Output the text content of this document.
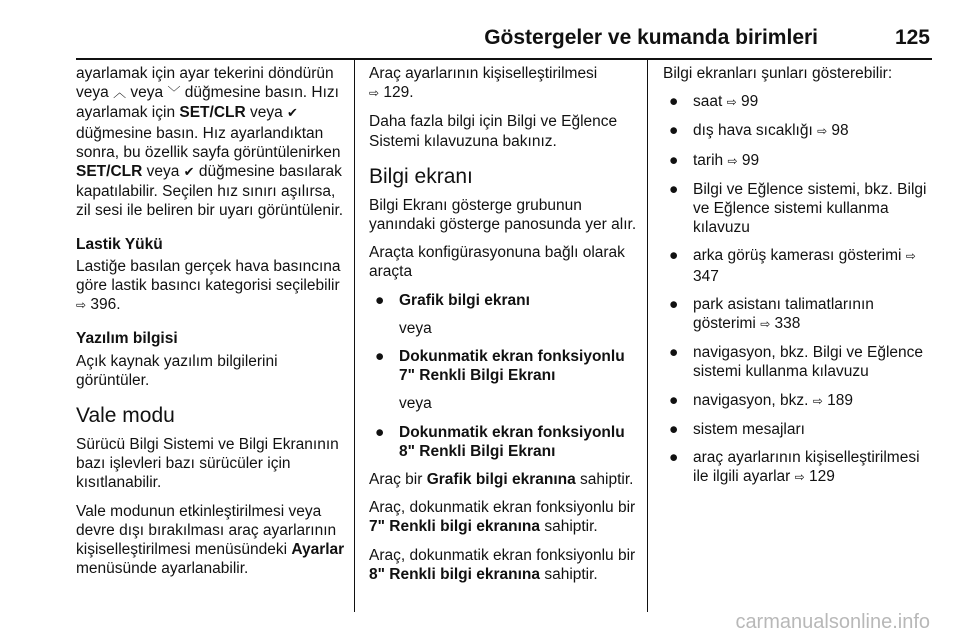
Göstergeler ve kumanda birimleri	125

ayarlamak için ayar tekerini döndürün veya ︿ veya ﹀ düğmesine basın. Hızı ayarlamak için SET/CLR veya ✔ düğmesine basın. Hız ayarlandıktan sonra, bu özellik sayfa görüntülenirken SET/CLR veya ✔ düğmesine basılarak kapatılabilir. Seçilen hız sınırı aşılırsa, zil sesi ile beliren bir uyarı görüntülenir.

Lastik Yükü

Lastiğe basılan gerçek hava basıncına göre lastik basıncı kategorisi seçilebilir ⇨ 396.

Yazılım bilgisi

Açık kaynak yazılım bilgilerini görüntüler.

Vale modu

Sürücü Bilgi Sistemi ve Bilgi Ekranının bazı işlevleri bazı sürücüler için kısıtlanabilir.

Vale modunun etkinleştirilmesi veya devre dışı bırakılması araç ayarlarının kişiselleştirilmesi menüsündeki Ayarlar menüsünde ayarlanabilir.

Araç ayarlarının kişiselleştirilmesi
⇨ 129.

Daha fazla bilgi için Bilgi ve Eğlence Sistemi kılavuzuna bakınız.

Bilgi ekranı

Bilgi Ekranı gösterge grubunun yanındaki gösterge panosunda yer alır.

Araçta konfigürasyonuna bağlı olarak araçta

● Grafik bilgi ekranı
veya
● Dokunmatik ekran fonksiyonlu 7" Renkli Bilgi Ekranı
veya
● Dokunmatik ekran fonksiyonlu 8" Renkli Bilgi Ekranı

Araç bir Grafik bilgi ekranına sahiptir.

Araç, dokunmatik ekran fonksiyonlu bir 7" Renkli bilgi ekranına sahiptir.

Araç, dokunmatik ekran fonksiyonlu bir 8" Renkli bilgi ekranına sahiptir.

Bilgi ekranları şunları gösterebilir:

● saat ⇨ 99
● dış hava sıcaklığı ⇨ 98
● tarih ⇨ 99
● Bilgi ve Eğlence sistemi, bkz. Bilgi ve Eğlence sistemi kullanma kılavuzu
● arka görüş kamerası gösterimi ⇨ 347
● park asistanı talimatlarının gösterimi ⇨ 338
● navigasyon, bkz. Bilgi ve Eğlence sistemi kullanma kılavuzu
● navigasyon, bkz. ⇨ 189
● sistem mesajları
● araç ayarlarının kişiselleştirilmesi ile ilgili ayarlar ⇨ 129
carmanualsonline.info
